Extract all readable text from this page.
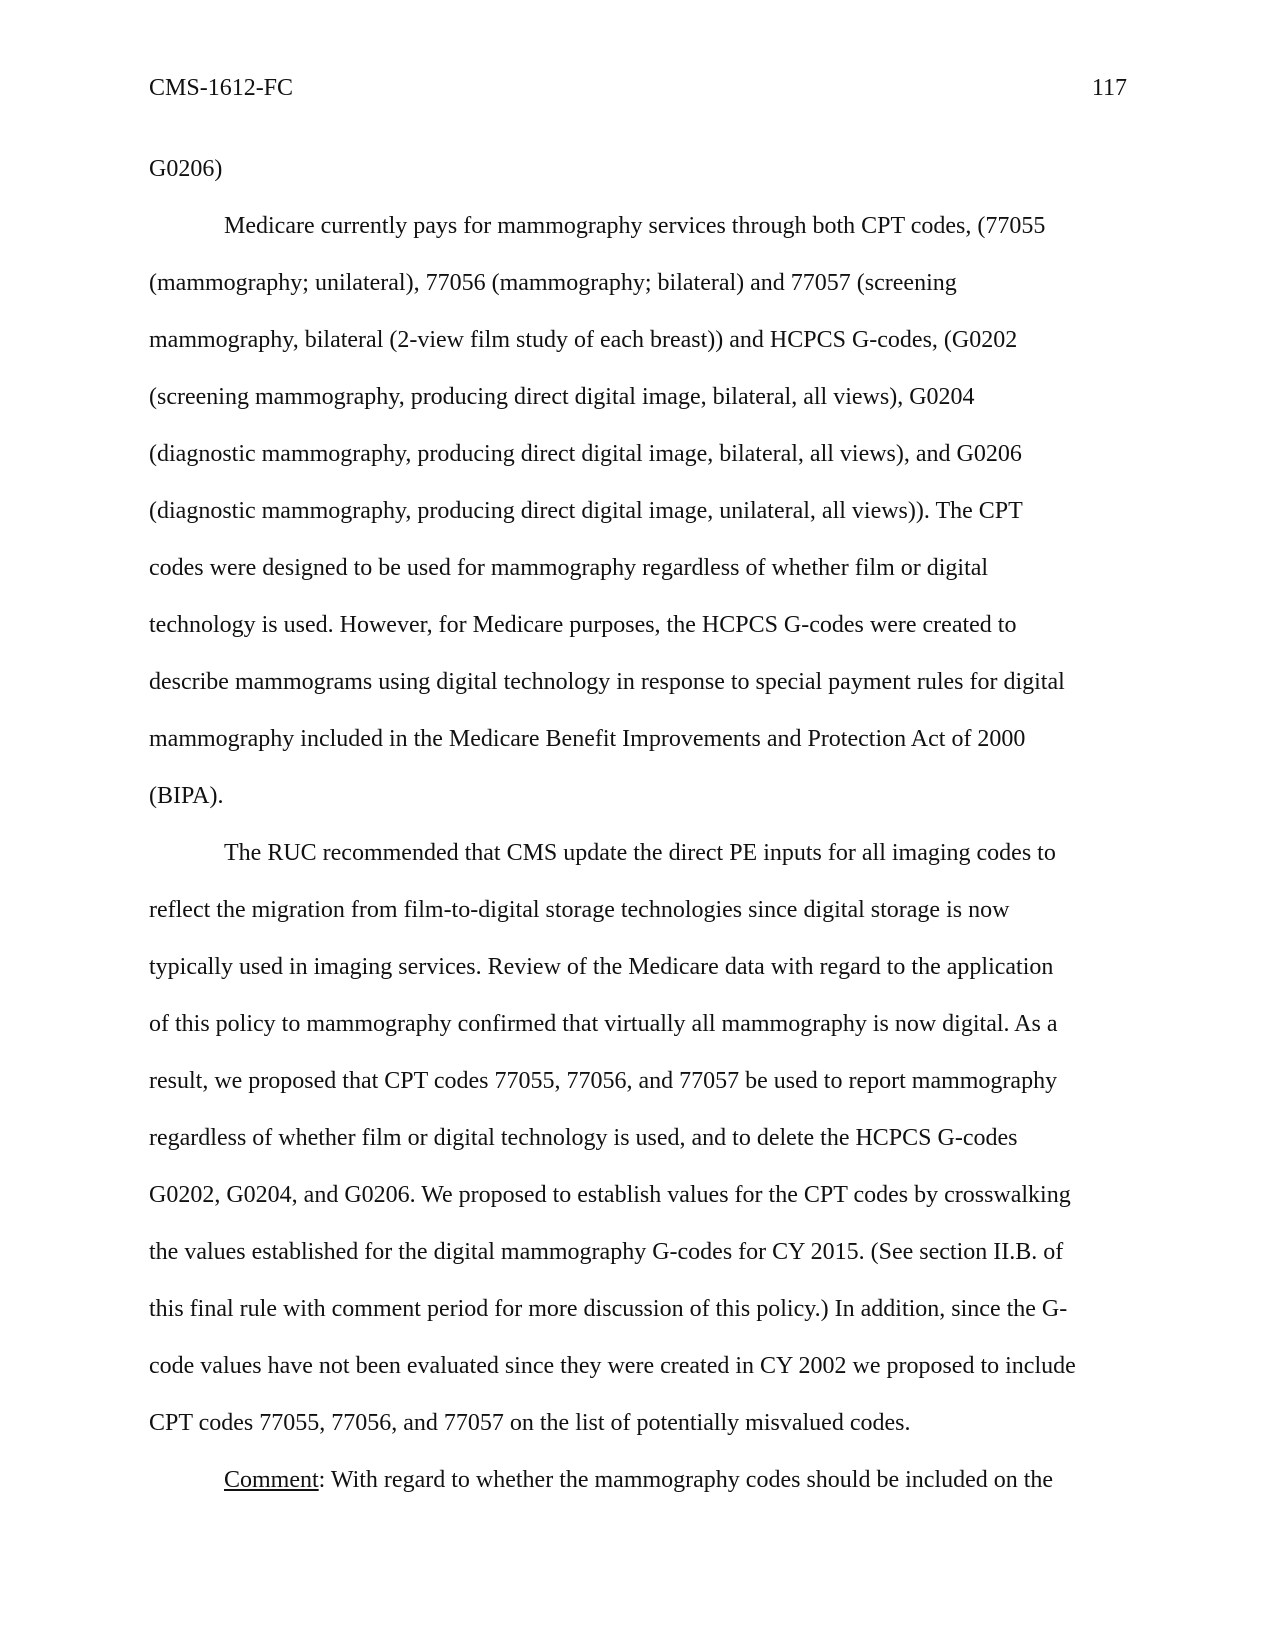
CMS-1612-FC	117
G0206)
Medicare currently pays for mammography services through both CPT codes, (77055
(mammography; unilateral), 77056 (mammography; bilateral) and 77057 (screening
mammography, bilateral (2-view film study of each breast)) and HCPCS G-codes, (G0202
(screening mammography, producing direct digital image, bilateral, all views), G0204
(diagnostic mammography, producing direct digital image, bilateral, all views), and G0206
(diagnostic mammography, producing direct digital image, unilateral, all views)). The CPT
codes were designed to be used for mammography regardless of whether film or digital
technology is used. However, for Medicare purposes, the HCPCS G-codes were created to
describe mammograms using digital technology in response to special payment rules for digital
mammography included in the Medicare Benefit Improvements and Protection Act of 2000
(BIPA).
The RUC recommended that CMS update the direct PE inputs for all imaging codes to
reflect the migration from film-to-digital storage technologies since digital storage is now
typically used in imaging services. Review of the Medicare data with regard to the application
of this policy to mammography confirmed that virtually all mammography is now digital. As a
result, we proposed that CPT codes 77055, 77056, and 77057 be used to report mammography
regardless of whether film or digital technology is used, and to delete the HCPCS G-codes
G0202, G0204, and G0206. We proposed to establish values for the CPT codes by crosswalking
the values established for the digital mammography G-codes for CY 2015. (See section II.B. of
this final rule with comment period for more discussion of this policy.) In addition, since the G-
code values have not been evaluated since they were created in CY 2002 we proposed to include
CPT codes 77055, 77056, and 77057 on the list of potentially misvalued codes.
Comment: With regard to whether the mammography codes should be included on the
